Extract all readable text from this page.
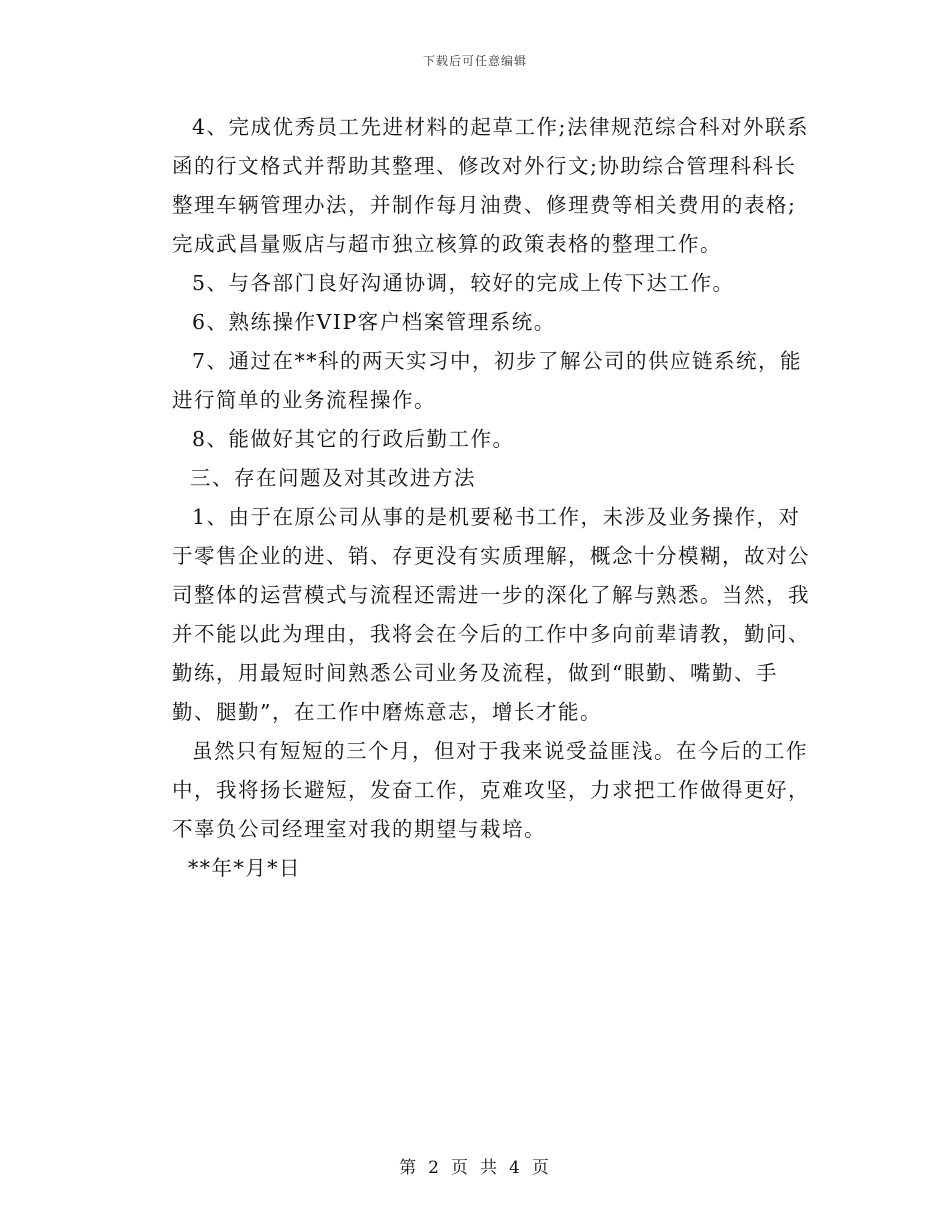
下载后可任意编辑

4、完成优秀员工先进材料的起草工作;法律规范综合科对外联系函的行文格式并帮助其整理、修改对外行文;协助综合管理科科长整理车辆管理办法，并制作每月油费、修理费等相关费用的表格;完成武昌量贩店与超市独立核算的政策表格的整理工作。

5、与各部门良好沟通协调，较好的完成上传下达工作。

6、熟练操作VIP客户档案管理系统。

7、通过在**科的两天实习中，初步了解公司的供应链系统，能进行简单的业务流程操作。

8、能做好其它的行政后勤工作。

三、存在问题及对其改进方法

1、由于在原公司从事的是机要秘书工作，未涉及业务操作，对于零售企业的进、销、存更没有实质理解，概念十分模糊，故对公司整体的运营模式与流程还需进一步的深化了解与熟悉。当然，我并不能以此为理由，我将会在今后的工作中多向前辈请教，勤问、勤练，用最短时间熟悉公司业务及流程，做到“眼勤、嘴勤、手勤、腿勤”，在工作中磨炼意志，增长才能。

虽然只有短短的三个月，但对于我来说受益匪浅。在今后的工作中，我将扬长避短，发奋工作，克难攻坚，力求把工作做得更好，不辜负公司经理室对我的期望与栽培。

**年*月*日

第 2 页 共 4 页
